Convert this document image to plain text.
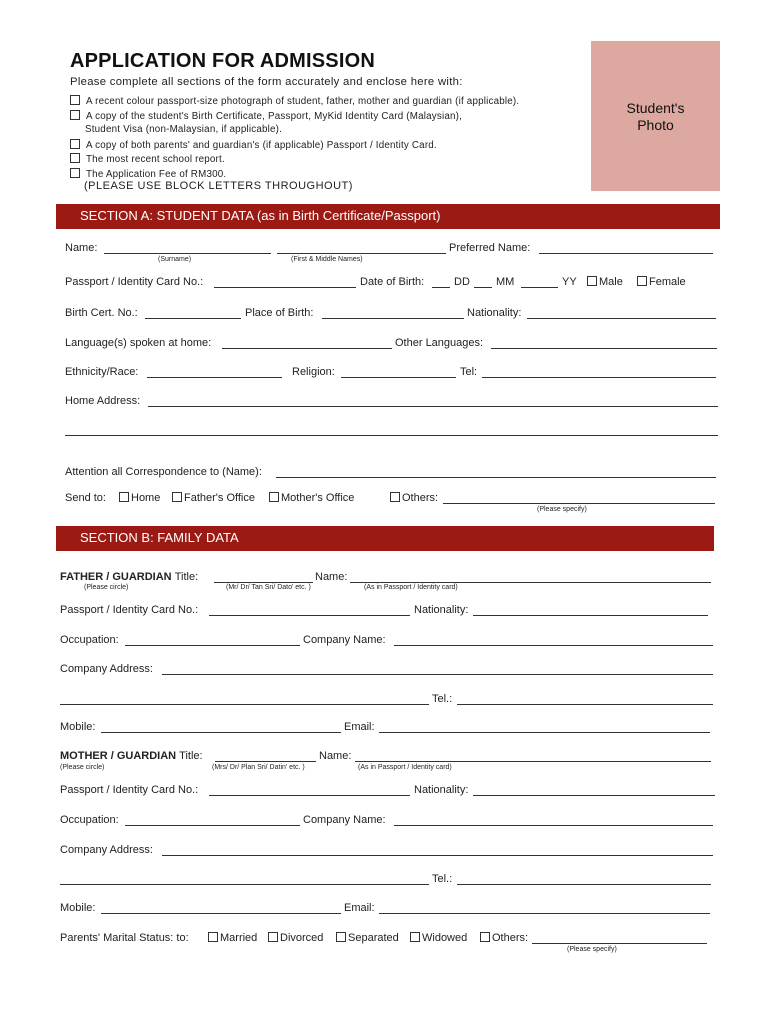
APPLICATION FOR ADMISSION
Please complete all sections of the form accurately and enclose here with:
A recent colour passport-size photograph of student, father, mother and guardian (if applicable).
A copy of the student's Birth Certificate, Passport, MyKid Identity Card (Malaysian),
Student Visa (non-Malaysian, if applicable).
A copy of both parents' and guardian's (if applicable) Passport / Identity Card.
The most recent school report.
The Application Fee of RM300.
(PLEASE USE BLOCK LETTERS THROUGHOUT)
Student's
Photo
SECTION A: STUDENT DATA (as in Birth Certificate/Passport)
Name:
(Surname)	(First & Middle Names)
Preferred Name:
Passport / Identity Card No.:	Date of Birth:	DD MM	YY	Male	Female
Birth Cert. No.:	Place of Birth:	Nationality:
Language(s) spoken at home:	Other Languages:
Ethnicity/Race:	Religion:	Tel:
Home Address:
Attention all Correspondence to (Name):
Send to:	Home	Father's Office	Mother's Office	Others:
(Please specify)
SECTION B: FAMILY DATA
FATHER / GUARDIAN Title:
(Please circle)	(Mr/ Dr/ Tan Sri/ Dato' etc. )
Name:
(As in Passport / Identity card)
Passport / Identity Card No.:	Nationality:
Occupation:	Company Name:
Company Address:
Tel.:
Mobile:	Email:
MOTHER / GUARDIAN Title:
(Please circle)	(Mrs/ Dr/ Plan Sri/ Datin' etc. )
Name:
(As in Passport / Identity card)
Passport / Identity Card No.:	Nationality:
Occupation:	Company Name:
Company Address:
Tel.:
Mobile:	Email:
Parents' Marital Status: to:	Married	Divorced	Separated	Widowed	Others:
(Please specify)
